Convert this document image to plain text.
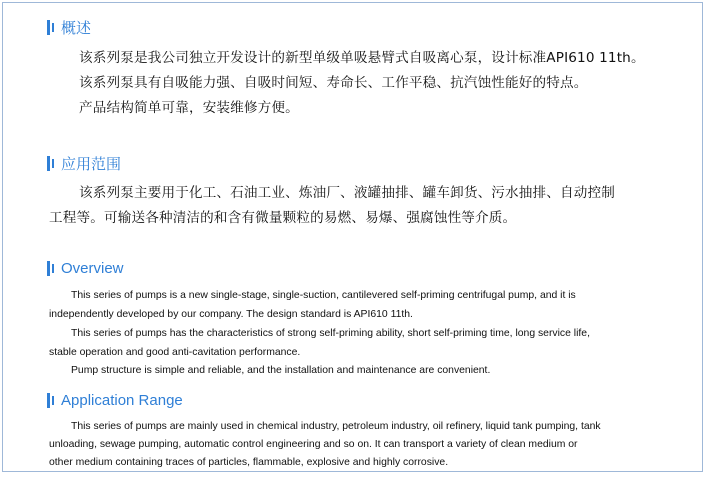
概述
该系列泵是我公司独立开发设计的新型单级单吸悬臂式自吸离心泵，设计标准API610 11th。
该系列泵具有自吸能力强、自吸时间短、寿命长、工作平稳、抗汽蚀性能好的特点。
产品结构简单可靠，安装维修方便。
应用范围
该系列泵主要用于化工、石油工业、炼油厂、液罐抽排、罐车卸货、污水抽排、自动控制
工程等。可输送各种清洁的和含有微量颗粒的易燃、易爆、强腐蚀性等介质。
Overview
This series of pumps is a new single-stage, single-suction, cantilevered self-priming centrifugal pump, and it is
independently developed by our company. The design standard is API610 11th.
This series of pumps has the characteristics of strong self-priming ability, short self-priming time, long service life,
stable operation and good anti-cavitation performance.
Pump structure is simple and reliable, and the installation and maintenance are convenient.
Application Range
This series of pumps are mainly used in chemical industry, petroleum industry, oil refinery, liquid tank pumping, tank
unloading, sewage pumping, automatic control engineering and so on. It can transport a variety of clean medium or
other medium containing traces of particles, flammable, explosive and highly corrosive.
